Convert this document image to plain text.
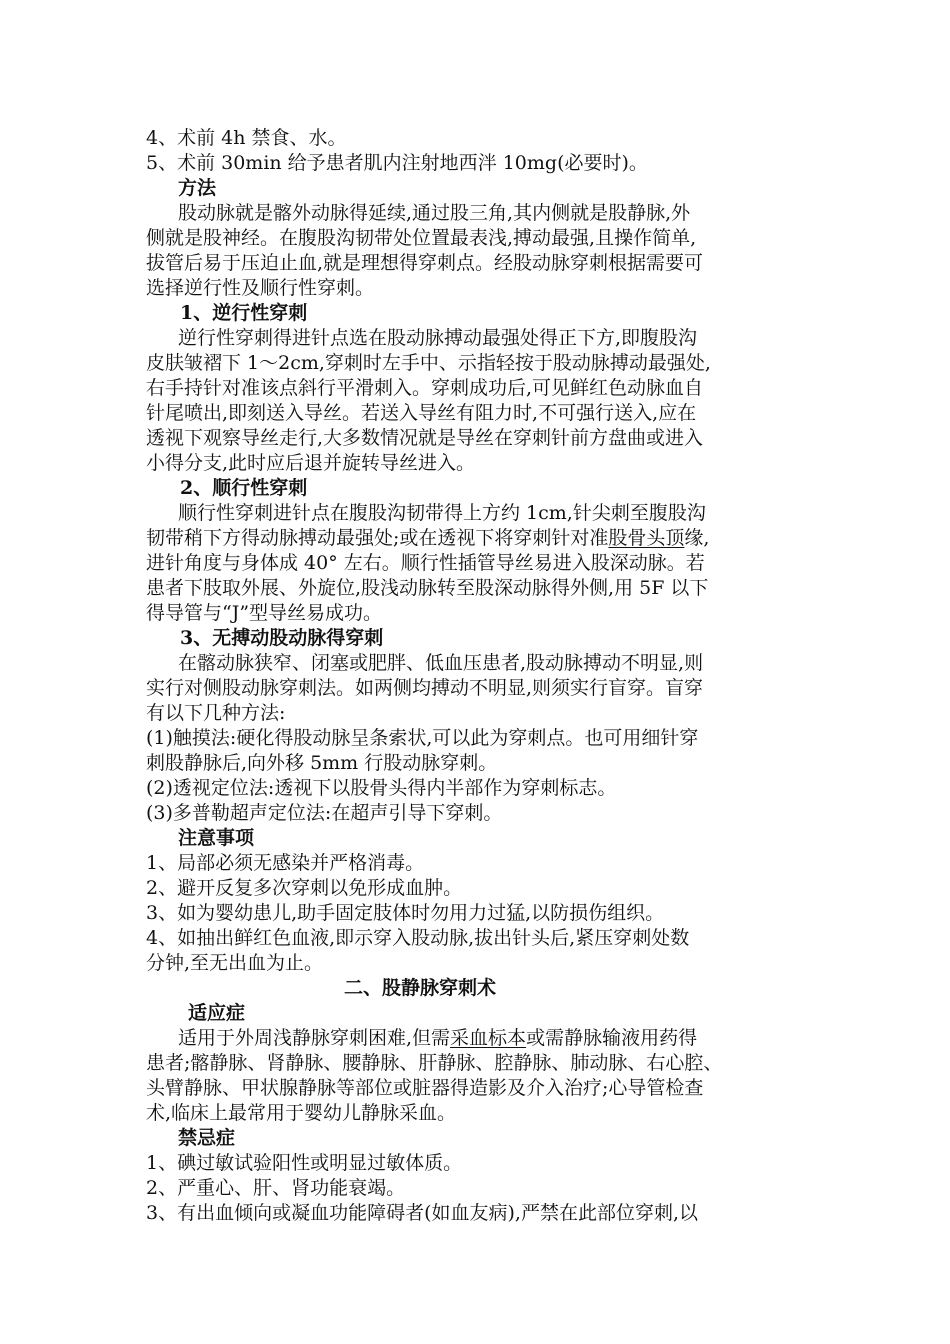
4、术前 4h 禁食、水。

5、术前 30min 给予患者肌内注射地西泮 10mg(必要时)。

方法

股动脉就是髂外动脉得延续,通过股三角,其内侧就是股静脉,外

侧就是股神经。在腹股沟韧带处位置最表浅,搏动最强,且操作简单,

拔管后易于压迫止血,就是理想得穿刺点。经股动脉穿刺根据需要可

选择逆行性及顺行性穿刺。

1、逆行性穿刺

逆行性穿刺得进针点选在股动脉搏动最强处得正下方,即腹股沟

皮肤皱褶下 1～2cm,穿刺时左手中、示指轻按于股动脉搏动最强处,

右手持针对准该点斜行平滑刺入。穿刺成功后,可见鲜红色动脉血自

针尾喷出,即刻送入导丝。若送入导丝有阻力时,不可强行送入,应在

透视下观察导丝走行,大多数情况就是导丝在穿刺针前方盘曲或进入

小得分支,此时应后退并旋转导丝进入。

2、顺行性穿刺

顺行性穿刺进针点在腹股沟韧带得上方约 1cm,针尖刺至腹股沟

韧带稍下方得动脉搏动最强处;或在透视下将穿刺针对准股骨头顶缘,

进针角度与身体成 40° 左右。顺行性插管导丝易进入股深动脉。若

患者下肢取外展、外旋位,股浅动脉转至股深动脉得外侧,用 5F 以下

得导管与“J”型导丝易成功。

3、无搏动股动脉得穿刺

在髂动脉狭窄、闭塞或肥胖、低血压患者,股动脉搏动不明显,则

实行对侧股动脉穿刺法。如两侧均搏动不明显,则须实行盲穿。盲穿

有以下几种方法:

(1)触摸法:硬化得股动脉呈条索状,可以此为穿刺点。也可用细针穿

刺股静脉后,向外移 5mm 行股动脉穿刺。

(2)透视定位法:透视下以股骨头得内半部作为穿刺标志。

(3)多普勒超声定位法:在超声引导下穿刺。

注意事项

1、局部必须无感染并严格消毒。

2、避开反复多次穿刺以免形成血肿。

3、如为婴幼患儿,助手固定肢体时勿用力过猛,以防损伤组织。

4、如抽出鲜红色血液,即示穿入股动脉,拔出针头后,紧压穿刺处数

分钟,至无出血为止。

二、股静脉穿刺术

适应症

适用于外周浅静脉穿刺困难,但需采血标本或需静脉输液用药得

患者;髂静脉、肾静脉、腰静脉、肝静脉、腔静脉、肺动脉、右心腔、

头臂静脉、甲状腺静脉等部位或脏器得造影及介入治疗;心导管检查

术,临床上最常用于婴幼儿静脉采血。

禁忌症

1、碘过敏试验阳性或明显过敏体质。

2、严重心、肝、肾功能衰竭。

3、有出血倾向或凝血功能障碍者(如血友病),严禁在此部位穿刺,以
